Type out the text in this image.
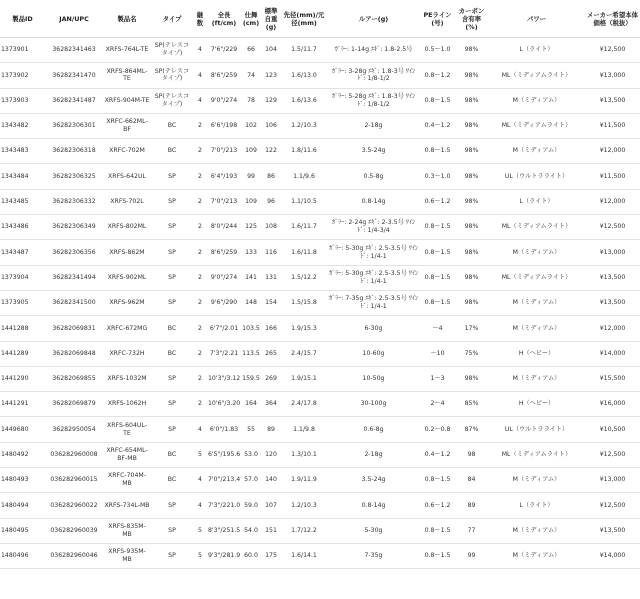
製品ID	JAN/UPC	製品名	タイプ	継数	全長 (ft/cm)	仕舞 (cm)	標準自重 (g)	先径(mm)/元径(mm)	ルアー(g)	PEライン(号)	カーボン含有率(%)	パワー	メーカー希望本体価格（税抜）
1373901	36282341463	XRFS-764L-TE	SP(テレスコタイプ)	4	7'6"/229	66	104	1.5/11.7	ｶﾞﾗｰ: 1-14g ｴｷﾞ: 1.8-2.5号	0.5〜1.0	98%	L（ライト）	¥12,500
1373902	36282341470	XRFS-864ML-TE	SP(テレスコタイプ)	4	8'6"/259	74	123	1.6/13.0	ｶﾞﾗｰ: 3-28g ｴｷﾞ: 1.8-3号 ﾜｲﾝﾄﾞ: 1/8-1/2	0.8〜1.2	98%	ML（ミディアムライト）	¥13,000
1373903	36282341487	XRFS-904M-TE	SP(テレスコタイプ)	4	9'0"/274	78	129	1.6/13.6	ｶﾞﾗｰ: 5-28g ｴｷﾞ: 1.8-3号 ﾜｲﾝﾄﾞ: 1/8-1/2	0.8〜1.5	98%	M（ミディアム）	¥13,500
1343482	36282306301	XRFC-662ML-BF	BC	2	6'6"/198	102	106	1.2/10.3	2-18g	0.4〜1.2	98%	ML（ミディアムライト）	¥11,500
1343483	36282306318	XRFC-702M	BC	2	7'0"/213	109	122	1.8/11.6	3.5-24g	0.8〜1.5	98%	M（ミディアム）	¥12,000
1343484	36282306325	XRFS-642UL	SP	2	6'4"/193	99	86	1.1/9.6	0.5-8g	0.3〜1.0	98%	UL（ウルトラライト）	¥11,500
1343485	36282306332	XRFS-702L	SP	2	7'0"/213	109	96	1.1/10.5	0.8-14g	0.6〜1.2	98%	L（ライト）	¥12,000
1343486	36282306349	XRFS-802ML	SP	2	8'0"/244	125	108	1.6/11.7	ｶﾞﾗｰ: 2-24g ｴｷﾞ: 2-3.5号 ﾜｲﾝﾄﾞ: 1/4-3/4	0.8〜1.5	98%	ML（ミディアムライト）	¥12,500
1343487	36282306356	XRFS-862M	SP	2	8'6"/259	133	116	1.6/11.8	ｶﾞﾗｰ: 5-30g ｴｷﾞ: 2.5-3.5号 ﾜｲﾝﾄﾞ: 1/4-1	0.8〜1.5	98%	M（ミディアム）	¥13,000
1373904	36282341494	XRFS-902ML	SP	2	9'0"/274	141	131	1.5/12.2	ｶﾞﾗｰ: 5-30g ｴｷﾞ: 2.5-3.5号 ﾜｲﾝﾄﾞ: 1/4-1	0.8〜1.5	98%	ML（ミディアムライト）	¥13,500
1373905	36282341500	XRFS-962M	SP	2	9'6"/290	148	154	1.5/15.8	ｶﾞﾗｰ: 7-35g ｴｷﾞ: 2.5-3.5号 ﾜｲﾝﾄﾞ: 1/4-1	0.8〜1.5	98%	M（ミディアム）	¥13,500
1441288	36282069831	XRFC-672MG	BC	2	6'7"/2.01	103.5	166	1.9/15.3	6-30g	〜4	17%	M（ミディアム）	¥12,000
1441289	36282069848	XRFC-732H	BC	2	7'3"/2.21	113.5	265	2.4/15.7	10-60g	〜10	75%	H（ヘビー）	¥14,000
1441290	36282069855	XRFS-1032M	SP	2	10'3"/3.12	159.5	269	1.9/15.1	10-50g	1〜3	98%	M（ミディアム）	¥15,500
1441291	36282069879	XRFS-1062H	SP	2	10'6"/3.20	164	364	2.4/17.8	30-100g	2〜4	85%	H（ヘビー）	¥16,000
1449680	36282950054	XRFS-604UL-TE	SP	4	6'0"/1.83	55	89	1.1/9.8	0.6-8g	0.2〜0.8	87%	UL（ウルトラライト）	¥10,500
1480492	036282960008	XRFC-654ML-BF-MB	BC	5	6'5"/195.6	53.0	120	1.3/10.1	2-18g	0.4〜1.2	98	ML（ミディアムライト）	¥12,500
1480493	036282960015	XRFC-704M-MB	BC	4	7'0"/213.4	57.0	140	1.9/11.9	3.5-24g	0.8〜1.5	84	M（ミディアム）	¥13,000
1480494	036282960022	XRFS-734L-MB	SP	4	7'3"/221.0	59.0	107	1.2/10.3	0.8-14g	0.6〜1.2	89	L（ライト）	¥12,500
1480495	036282960039	XRFS-835M-MB	SP	5	8'3"/251.5	54.0	151	1.7/12.2	5-30g	0.8〜1.5	77	M（ミディアム）	¥13,500
1480496	036282960046	XRFS-935M-MB	SP	5	9'3"/281.9	60.0	175	1.6/14.1	7-35g	0.8〜1.5	99	M（ミディアム）	¥14,000
